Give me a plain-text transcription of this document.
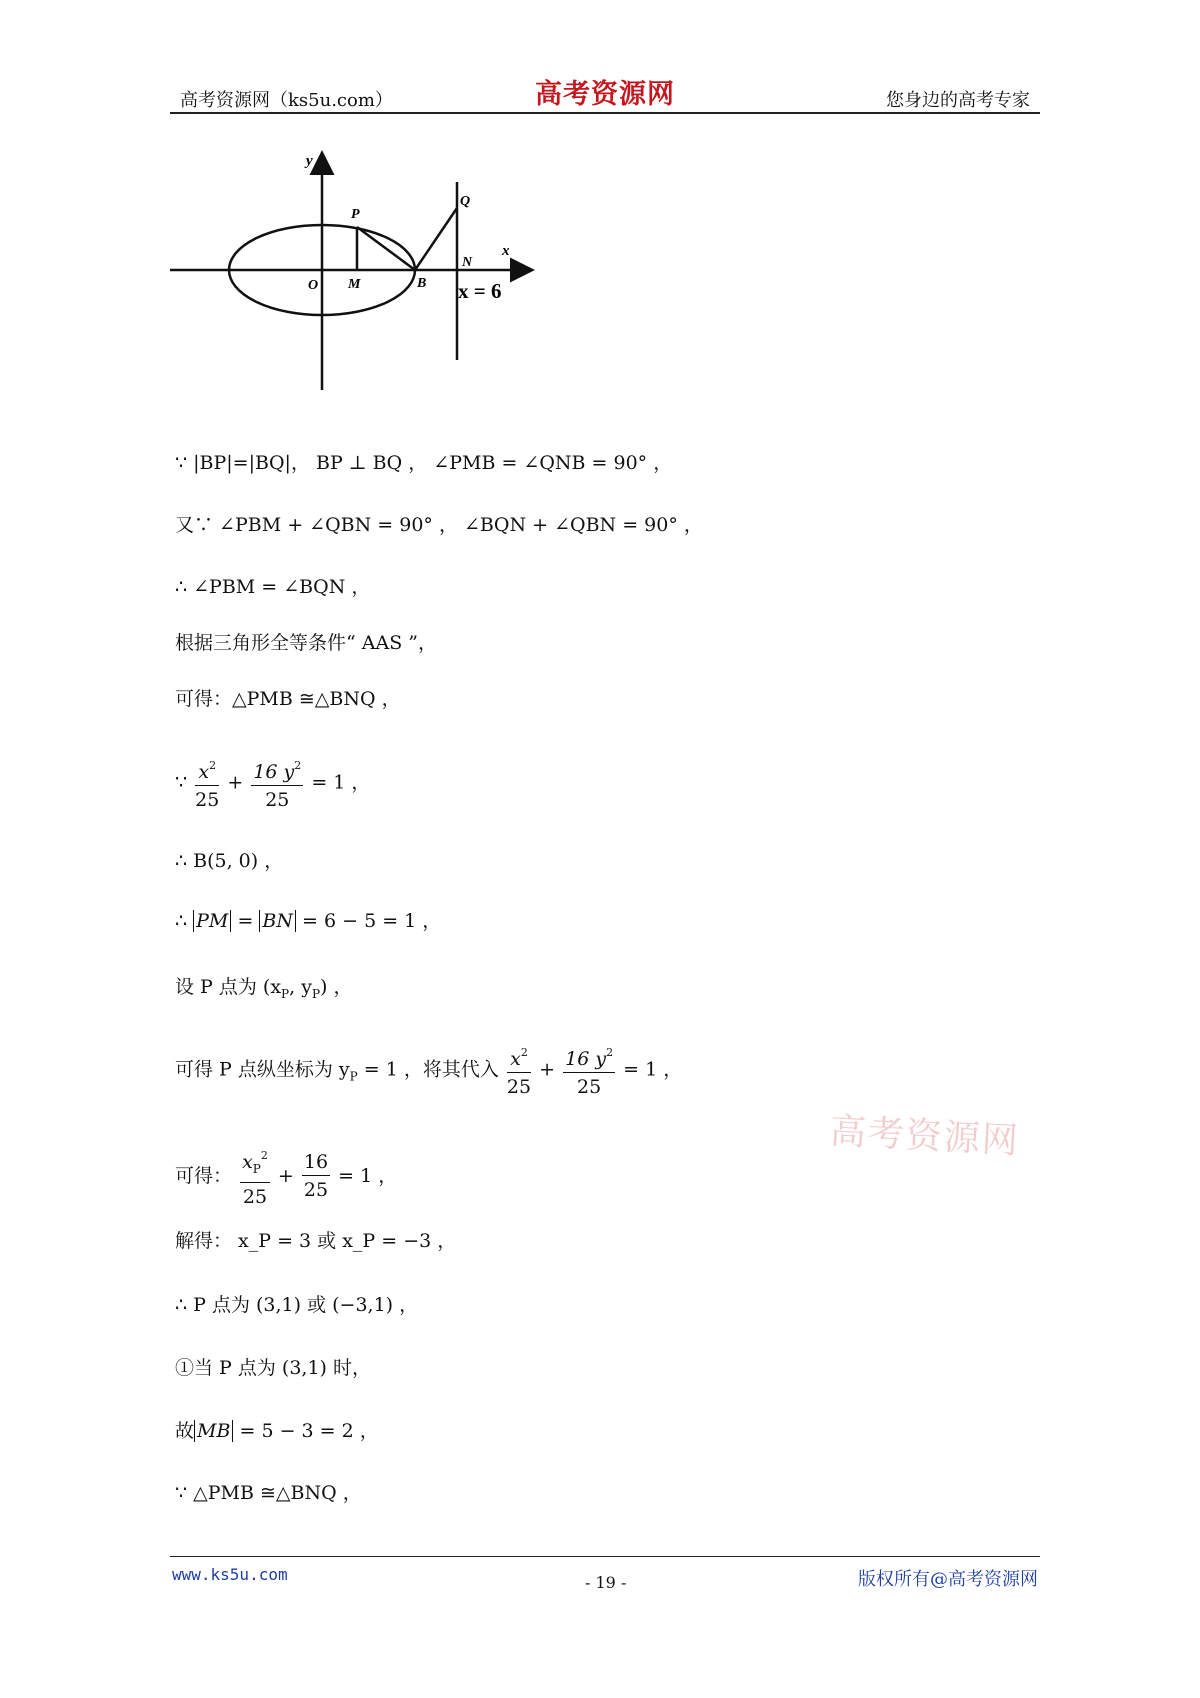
高考资源网（ks5u.com）	高考资源网	您身边的高考专家
y
x
P
Q
N
O M	B x = 6
∵ |BP|=|BQ|， BP ⊥ BQ ， ∠PMB = ∠QNB = 90° ，
又∵ ∠PBM + ∠QBN = 90° ， ∠BQN + ∠QBN = 90° ，
∴ ∠PBM = ∠BQN ，
根据三角形全等条件“ AAS ”，
可得：△PMB ≅△BNQ ，
∵ $\frac{x^2}{25} + \frac{16 y^2}{25} = 1$ ，
∴ B(5, 0) ，
∴ PM = BN = 6 − 5 = 1 ，
设 P 点为 ($x_P$, $y_P$) ，
可得 P 点纵坐标为 $y_P = 1$ ，将其代入 $\frac{x^2}{25} + \frac{16 y^2}{25} = 1$ ，
高考资源网
可得： $\frac{x_P^2}{25} + \frac{16}{25} = 1$ ，
解得： x_P = 3 或 x_P = −3 ，
∴ P 点为 (3,1) 或 (−3,1) ，
①当 P 点为 (3,1) 时，
故 MB = 5 − 3 = 2 ，
∵ △PMB ≅△BNQ ，
www.ks5u.com	- 19 -	版权所有@高考资源网
